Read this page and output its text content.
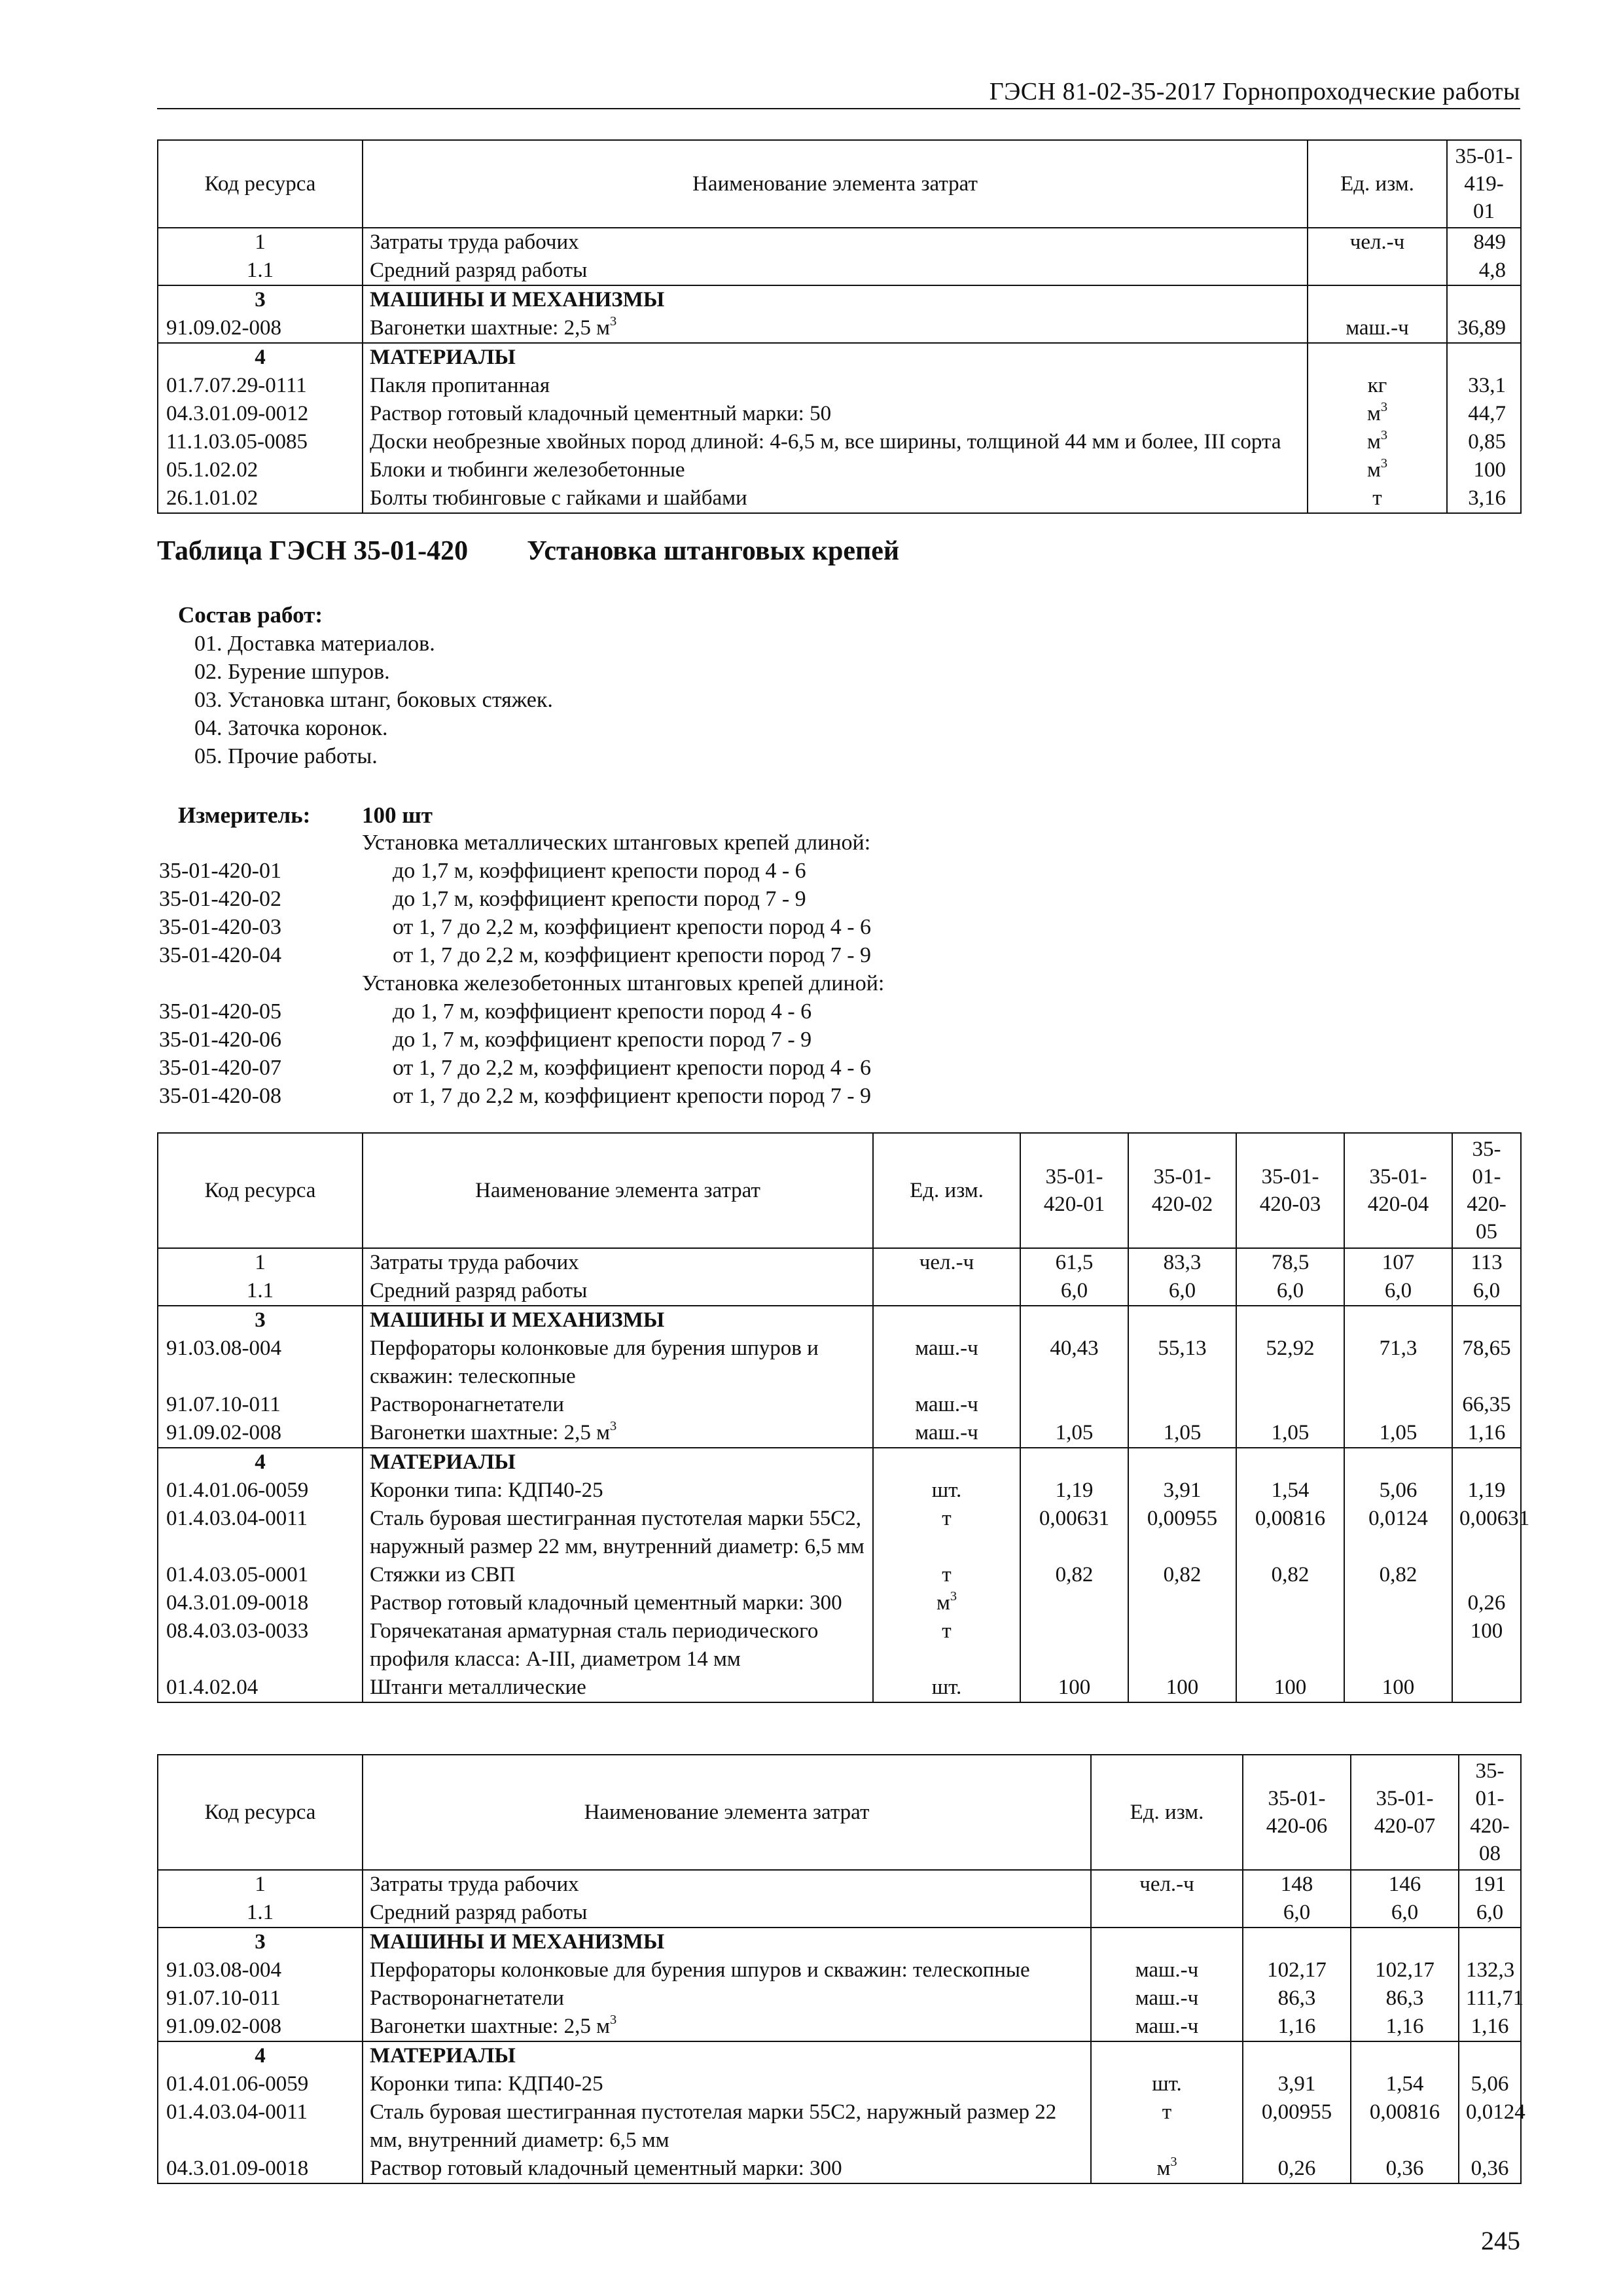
ГЭСН 81-02-35-2017 Горнопроходческие работы
Код ресурса	Наименование элемента затрат	Ед. изм.	35-01-419-01
1	Затраты труда рабочих	чел.-ч	849
1.1	Средний разряд работы		4,8
3	МАШИНЫ И МЕХАНИЗМЫ		
91.09.02-008	Вагонетки шахтные: 2,5 $м^3$	маш.-ч	36,89
4	МАТЕРИАЛЫ		
01.7.07.29-0111	Пакля пропитанная	кг	33,1
04.3.01.09-0012	Раствор готовый кладочный цементный марки: 50	$м^3$	44,7
11.1.03.05-0085	Доски необрезные хвойных пород длиной: 4-6,5 м, все ширины, толщиной 44 мм и более, III сорта	$м^3$	0,85
05.1.02.02	Блоки и тюбинги железобетонные	$м^3$	100
26.1.01.02	Болты тюбинговые с гайками и шайбами	т	3,16
Таблица ГЭСН 35-01-420 Установка штанговых крепей
Состав работ:
01. Доставка материалов.
02. Бурение шпуров.
03. Установка штанг, боковых стяжек.
04. Заточка коронок.
05. Прочие работы.
Измеритель: 100 шт
Установка металлических штанговых крепей длиной:
35-01-420-01	до 1,7 м, коэффициент крепости пород 4 - 6
35-01-420-02	до 1,7 м, коэффициент крепости пород 7 - 9
35-01-420-03	от 1, 7 до 2,2 м, коэффициент крепости пород 4 - 6
35-01-420-04	от 1, 7 до 2,2 м, коэффициент крепости пород 7 - 9
Установка железобетонных штанговых крепей длиной:
35-01-420-05	до 1, 7 м, коэффициент крепости пород 4 - 6
35-01-420-06	до 1, 7 м, коэффициент крепости пород 7 - 9
35-01-420-07	от 1, 7 до 2,2 м, коэффициент крепости пород 4 - 6
35-01-420-08	от 1, 7 до 2,2 м, коэффициент крепости пород 7 - 9
Код ресурса	Наименование элемента затрат	Ед. изм.	35-01-420-01	35-01-420-02	35-01-420-03	35-01-420-04	35-01-420-05
1	Затраты труда рабочих	чел.-ч	61,5	83,3	78,5	107	113
1.1	Средний разряд работы		6,0	6,0	6,0	6,0	6,0
3	МАШИНЫ И МЕХАНИЗМЫ						
91.03.08-004	Перфораторы колонковые для бурения шпуров и скважин: телескопные	маш.-ч	40,43	55,13	52,92	71,3	78,65
91.07.10-011	Растворонагнетатели	маш.-ч					66,35
91.09.02-008	Вагонетки шахтные: 2,5 $м^3$	маш.-ч	1,05	1,05	1,05	1,05	1,16
4	МАТЕРИАЛЫ						
01.4.01.06-0059	Коронки типа: КДП40-25	шт.	1,19	3,91	1,54	5,06	1,19
01.4.03.04-0011	Сталь буровая шестигранная пустотелая марки 55С2, наружный размер 22 мм, внутренний диаметр: 6,5 мм	т	0,00631	0,00955	0,00816	0,0124	0,00631
01.4.03.05-0001	Стяжки из СВП	т	0,82	0,82	0,82	0,82	
04.3.01.09-0018	Раствор готовый кладочный цементный марки: 300	$м^3$					0,26
08.4.03.03-0033	Горячекатаная арматурная сталь периодического профиля класса: А-III, диаметром 14 мм	т					100
01.4.02.04	Штанги металлические	шт.	100	100	100	100	
Код ресурса	Наименование элемента затрат	Ед. изм.	35-01-420-06	35-01-420-07	35-01-420-08
1	Затраты труда рабочих	чел.-ч	148	146	191
1.1	Средний разряд работы		6,0	6,0	6,0
3	МАШИНЫ И МЕХАНИЗМЫ				
91.03.08-004	Перфораторы колонковые для бурения шпуров и скважин: телескопные	маш.-ч	102,17	102,17	132,3
91.07.10-011	Растворонагнетатели	маш.-ч	86,3	86,3	111,71
91.09.02-008	Вагонетки шахтные: 2,5 $м^3$	маш.-ч	1,16	1,16	1,16
4	МАТЕРИАЛЫ				
01.4.01.06-0059	Коронки типа: КДП40-25	шт.	3,91	1,54	5,06
01.4.03.04-0011	Сталь буровая шестигранная пустотелая марки 55С2, наружный размер 22 мм, внутренний диаметр: 6,5 мм	т	0,00955	0,00816	0,0124
04.3.01.09-0018	Раствор готовый кладочный цементный марки: 300	$м^3$	0,26	0,36	0,36
245
